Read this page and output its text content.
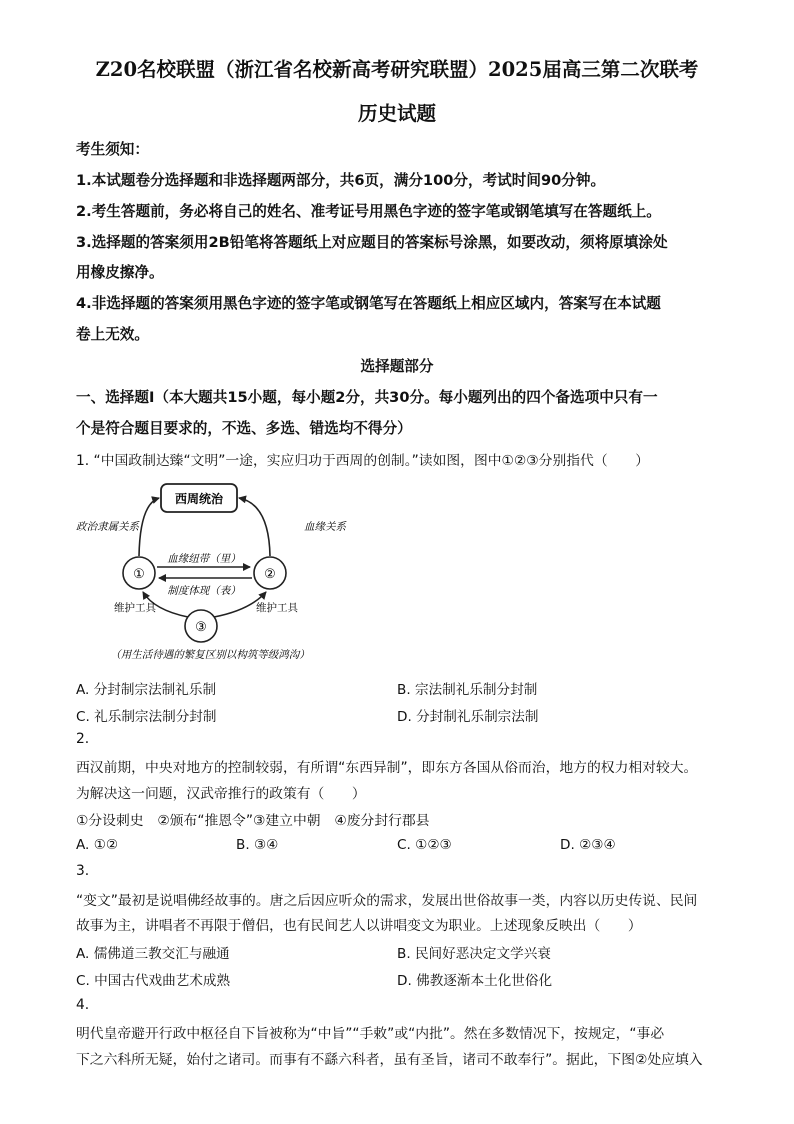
Z20名校联盟（浙江省名校新高考研究联盟）2025届高三第二次联考
历史试题
考生须知：
1.本试题卷分选择题和非选择题两部分，共6页，满分100分，考试时间90分钟。
2.考生答题前，务必将自己的姓名、准考证号用黑色字迹的签字笔或钢笔填写在答题纸上。
3.选择题的答案须用2B铅笔将答题纸上对应题目的答案标号涂黑，如要改动，须将原填涂处
用橡皮擦净。
4.非选择题的答案须用黑色字迹的签字笔或钢笔写在答题纸上相应区域内，答案写在本试题
卷上无效。
选择题部分
一、选择题Ⅰ（本大题共15小题，每小题2分，共30分。每小题列出的四个备选项中只有一
个是符合题目要求的，不选、多选、错选均不得分）
1. “中国政制达臻“文明”一途，实应归功于西周的创制。”读如图，图中①②③分别指代（　　）
西周统治
①	②
③
血缘纽带（里）
制度体现（表）
政治隶属关系	血缘关系
维护工具	维护工具
（用生活待遇的繁复区别以构筑等级鸿沟）
A. 分封制宗法制礼乐制	B. 宗法制礼乐制分封制
C. 礼乐制宗法制分封制	D. 分封制礼乐制宗法制
2.
西汉前期，中央对地方的控制较弱，有所谓“东西异制”，即东方各国从俗而治，地方的权力相对较大。
为解决这一问题，汉武帝推行的政策有（　　）
①分设刺史　②颁布“推恩令”③建立中朝　④废分封行郡县
A. ①②	B. ③④	C. ①②③	D. ②③④
3.
“变文”最初是说唱佛经故事的。唐之后因应听众的需求，发展出世俗故事一类，内容以历史传说、民间
故事为主，讲唱者不再限于僧侣，也有民间艺人以讲唱变文为职业。上述现象反映出（　　）
A. 儒佛道三教交汇与融通	B. 民间好恶决定文学兴衰
C. 中国古代戏曲艺术成熟	D. 佛教逐渐本土化世俗化
4.
明代皇帝避开行政中枢径自下旨被称为“中旨”“手敕”或“内批”。然在多数情况下，按规定，“事必
下之六科所无疑，始付之诸司。而事有不繇六科者，虽有圣旨，诸司不敢奉行”。据此，下图②处应填入
